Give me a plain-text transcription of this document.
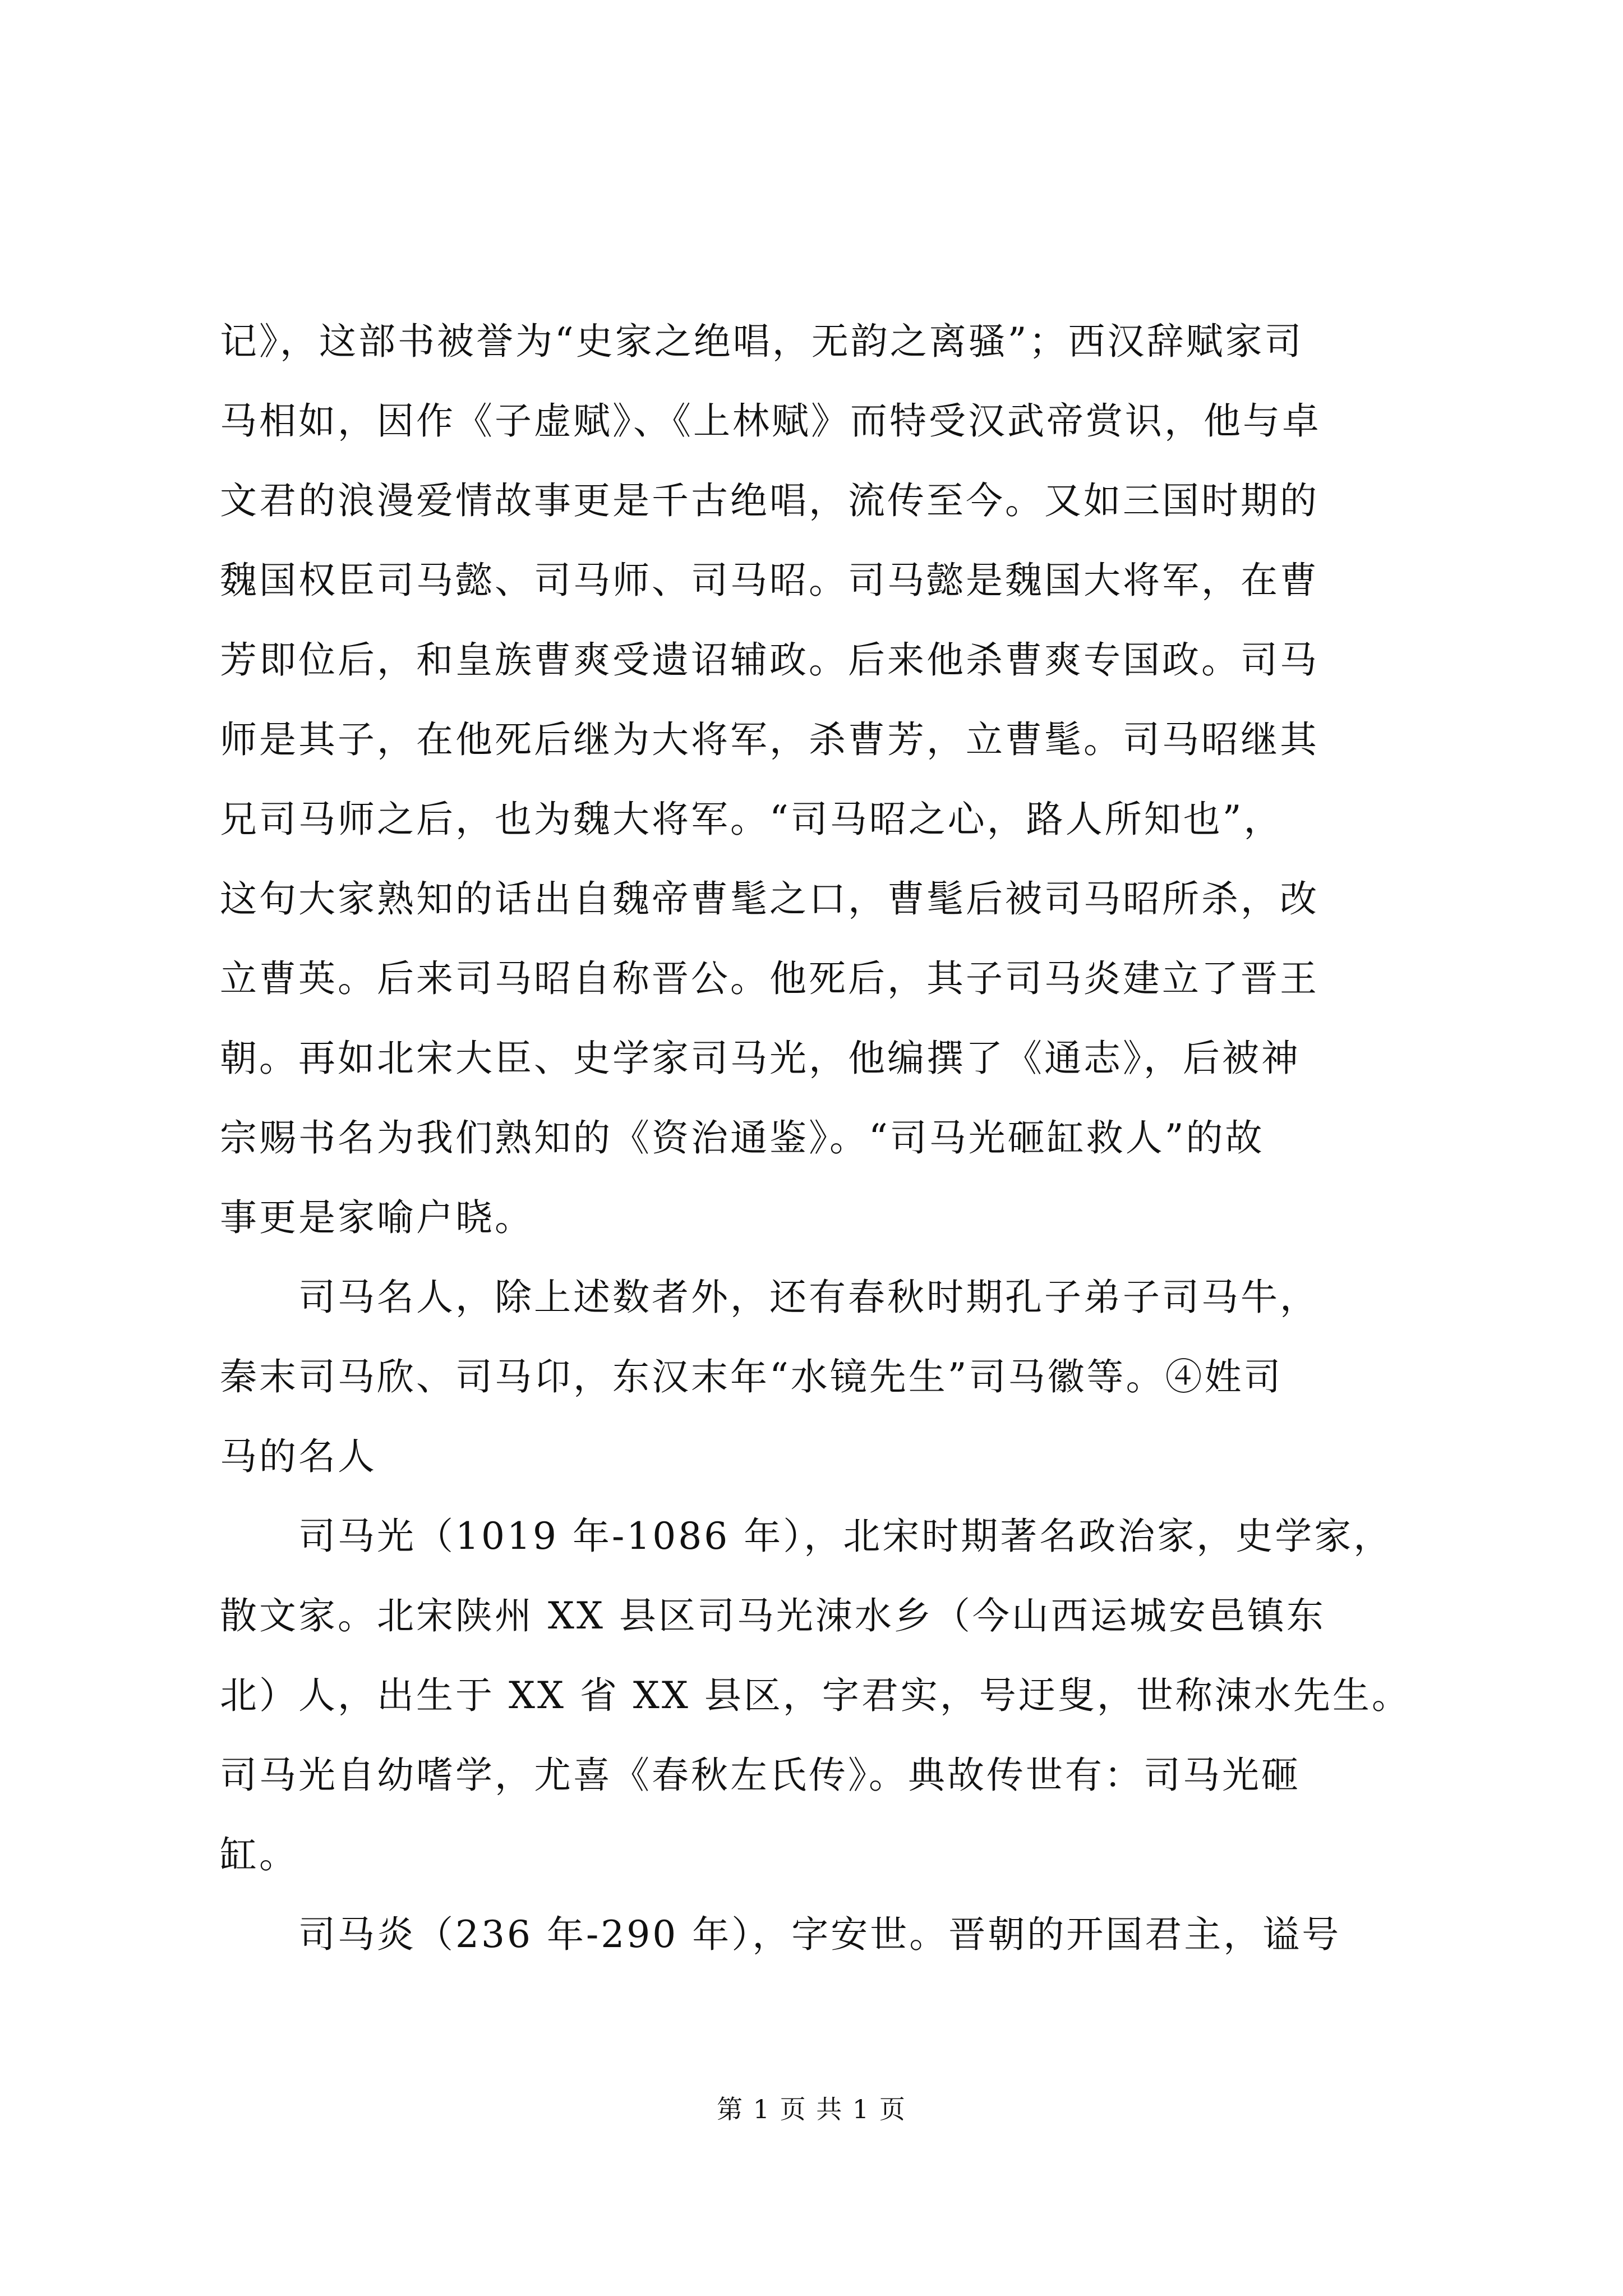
记》，这部书被誉为“史家之绝唱，无韵之离骚”；西汉辞赋家司
马相如，因作《子虚赋》、《上林赋》而特受汉武帝赏识，他与卓
文君的浪漫爱情故事更是千古绝唱，流传至今。又如三国时期的
魏国权臣司马懿、司马师、司马昭。司马懿是魏国大将军，在曹
芳即位后，和皇族曹爽受遗诏辅政。后来他杀曹爽专国政。司马
师是其子，在他死后继为大将军，杀曹芳，立曹髦。司马昭继其
兄司马师之后，也为魏大将军。“司马昭之心，路人所知也”，
这句大家熟知的话出自魏帝曹髦之口，曹髦后被司马昭所杀，改
立曹英。后来司马昭自称晋公。他死后，其子司马炎建立了晋王
朝。再如北宋大臣、史学家司马光，他编撰了《通志》，后被神
宗赐书名为我们熟知的《资治通鉴》。“司马光砸缸救人”的故
事更是家喻户晓。
　　司马名人，除上述数者外，还有春秋时期孔子弟子司马牛，
秦末司马欣、司马卬，东汉末年“水镜先生”司马徽等。④姓司
马的名人
　　司马光（1019 年-1086 年），北宋时期著名政治家，史学家，
散文家。北宋陕州 XX 县区司马光涑水乡（今山西运城安邑镇东
北）人，出生于 XX 省 XX 县区，字君实，号迂叟，世称涑水先生。
司马光自幼嗜学，尤喜《春秋左氏传》。典故传世有：司马光砸
缸。
　　司马炎（236 年-290 年），字安世。晋朝的开国君主，谥号
第 1 页 共 1 页
